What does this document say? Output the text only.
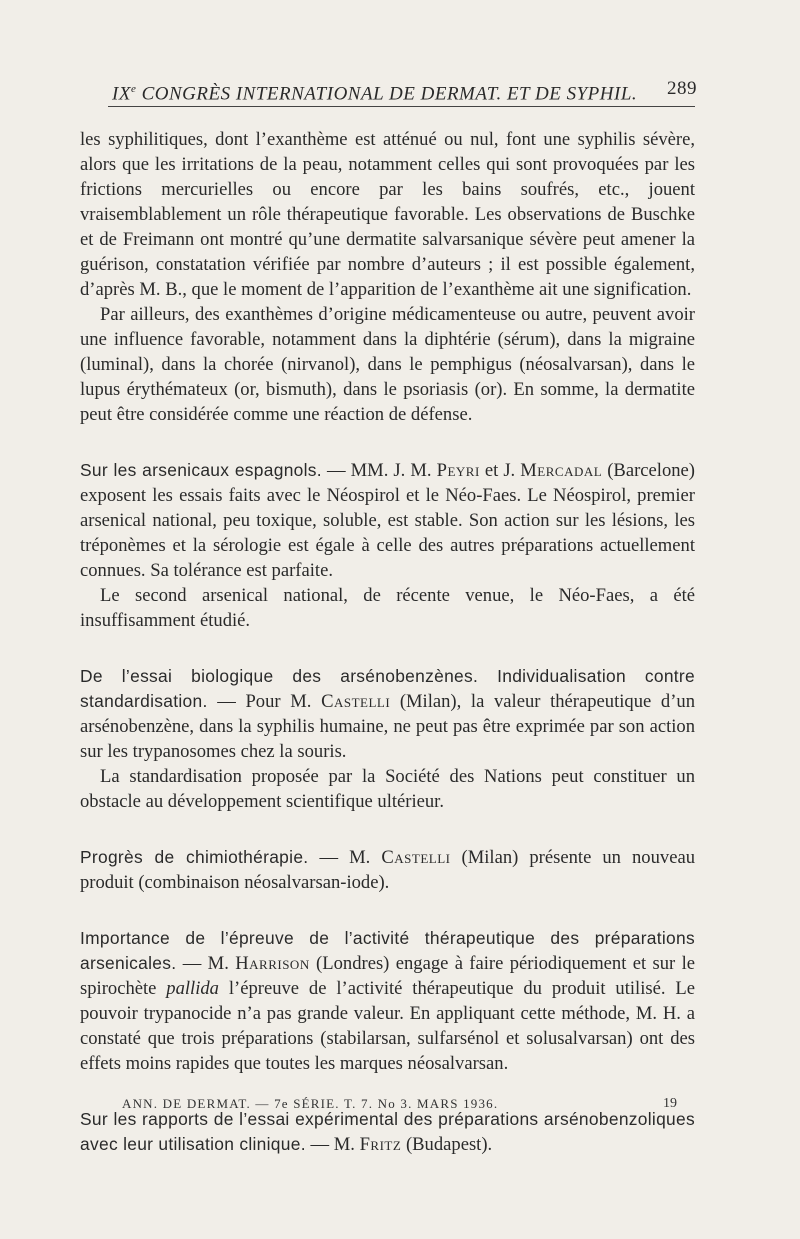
IXe CONGRÈS INTERNATIONAL DE DERMAT. ET DE SYPHIL. 289

les syphilitiques, dont l’exanthème est atténué ou nul, font une syphilis sévère, alors que les irritations de la peau, notamment celles qui sont provoquées par les frictions mercurielles ou encore par les bains soufrés, etc., jouent vraisemblablement un rôle thérapeutique favorable. Les observations de Buschke et de Freimann ont montré qu’une dermatite salvarsanique sévère peut amener la guérison, constatation vérifiée par nombre d’auteurs ; il est possible également, d’après M. B., que le moment de l’apparition de l’exanthème ait une signification.

Par ailleurs, des exanthèmes d’origine médicamenteuse ou autre, peuvent avoir une influence favorable, notamment dans la diphtérie (sérum), dans la migraine (luminal), dans la chorée (nirvanol), dans le pemphigus (néosalvarsan), dans le lupus érythémateux (or, bismuth), dans le psoriasis (or). En somme, la dermatite peut être considérée comme une réaction de défense.

Sur les arsenicaux espagnols. — MM. J. M. Peyri et J. Mercadal (Barcelone) exposent les essais faits avec le Néospirol et le Néo-Faes. Le Néospirol, premier arsenical national, peu toxique, soluble, est stable. Son action sur les lésions, les tréponèmes et la sérologie est égale à celle des autres préparations actuellement connues. Sa tolérance est parfaite.

Le second arsenical national, de récente venue, le Néo-Faes, a été insuffisamment étudié.

De l’essai biologique des arsénobenzènes. Individualisation contre standardisation. — Pour M. Castelli (Milan), la valeur thérapeutique d’un arsénobenzène, dans la syphilis humaine, ne peut pas être exprimée par son action sur les trypanosomes chez la souris.

La standardisation proposée par la Société des Nations peut constituer un obstacle au développement scientifique ultérieur.

Progrès de chimiothérapie. — M. Castelli (Milan) présente un nouveau produit (combinaison néosalvarsan-iode).

Importance de l’épreuve de l’activité thérapeutique des préparations arsenicales. — M. Harrison (Londres) engage à faire périodiquement et sur le spirochète pallida l’épreuve de l’activité thérapeutique du produit utilisé. Le pouvoir trypanocide n’a pas grande valeur. En appliquant cette méthode, M. H. a constaté que trois préparations (stabilarsan, sulfarsénol et solusalvarsan) ont des effets moins rapides que toutes les marques néosalvarsan.

Sur les rapports de l’essai expérimental des préparations arsénobenzoliques avec leur utilisation clinique. — M. Fritz (Budapest).

ANN. DE DERMAT. — 7e SÉRIE. T. 7. No 3. MARS 1936.	19
